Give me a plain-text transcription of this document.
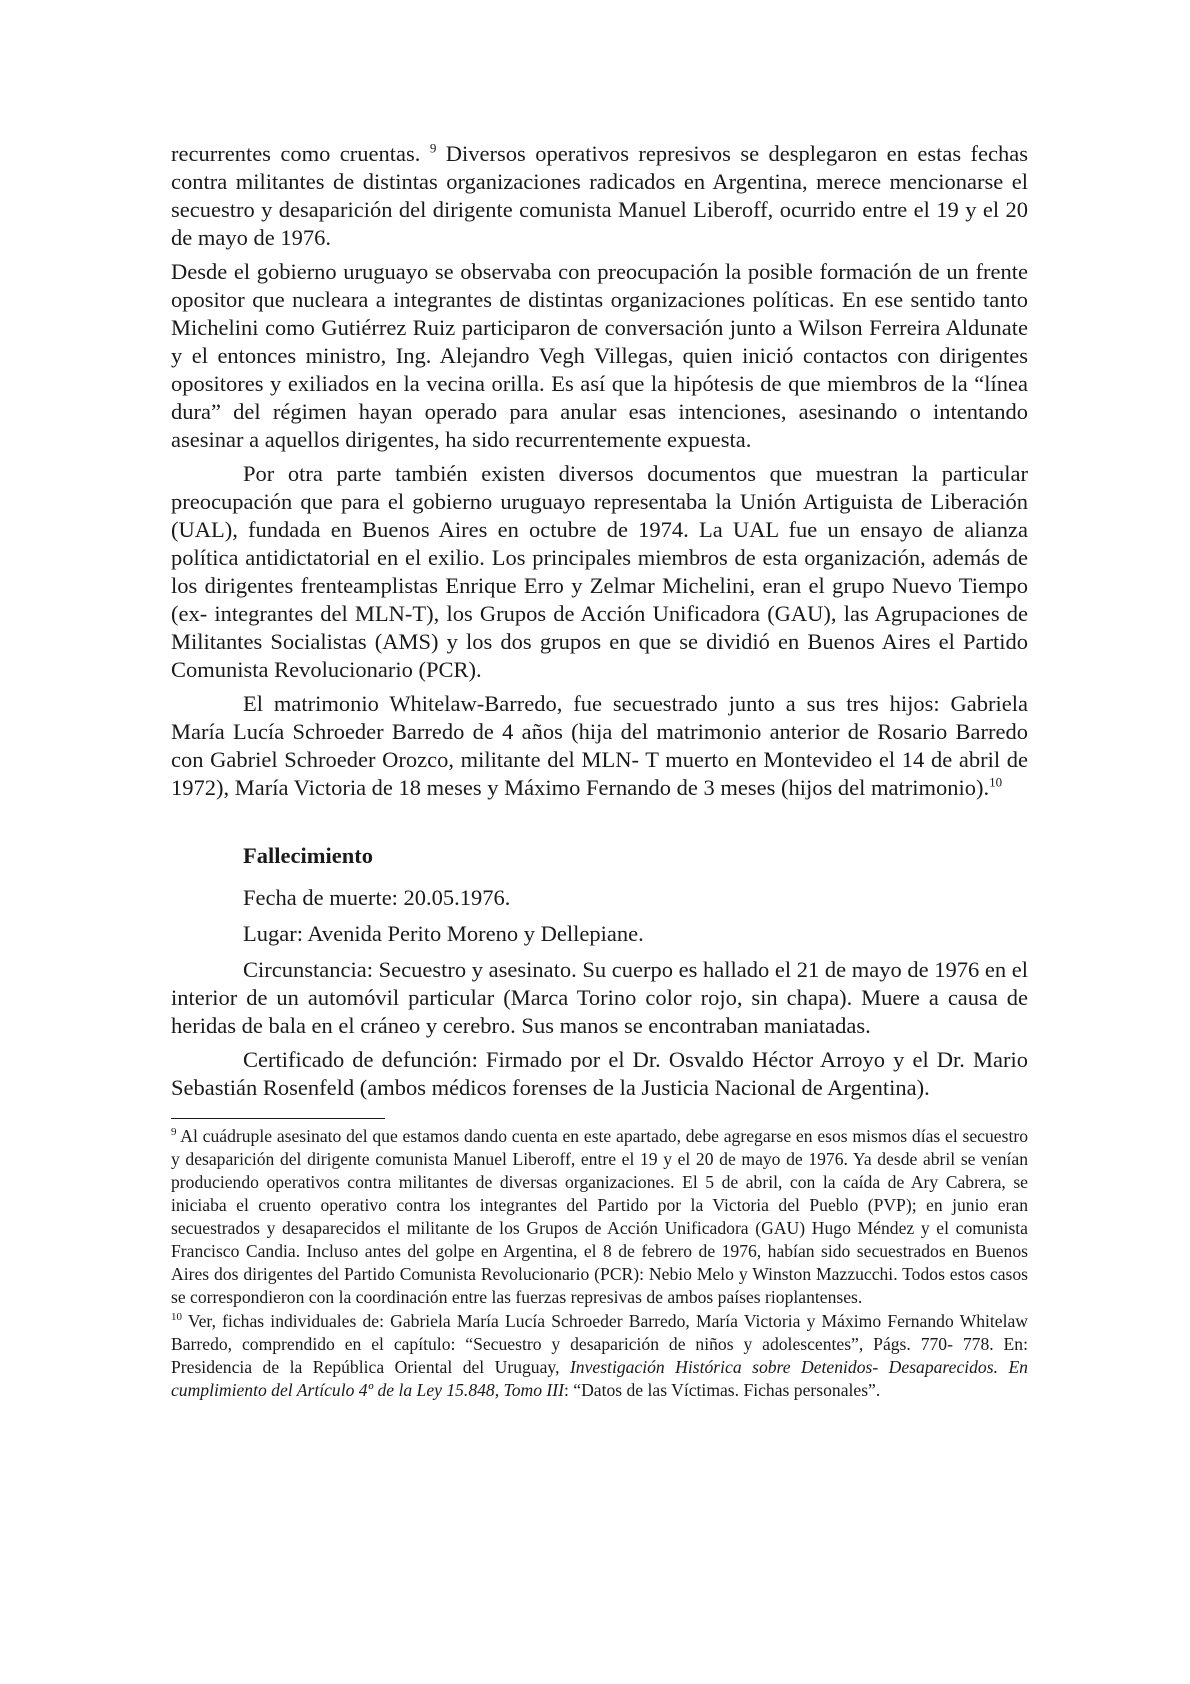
recurrentes como cruentas. $^9$ Diversos operativos represivos se desplegaron en estas fechas contra militantes de distintas organizaciones radicados en Argentina, merece mencionarse el secuestro y desaparición del dirigente comunista Manuel Liberoff, ocurrido entre el 19 y el 20 de mayo de 1976.

Desde el gobierno uruguayo se observaba con preocupación la posible formación de un frente opositor que nucleara a integrantes de distintas organizaciones políticas. En ese sentido tanto Michelini como Gutiérrez Ruiz participaron de conversación junto a Wilson Ferreira Aldunate y el entonces ministro, Ing. Alejandro Vegh Villegas, quien inició contactos con dirigentes opositores y exiliados en la vecina orilla. Es así que la hipótesis de que miembros de la “línea dura” del régimen hayan operado para anular esas intenciones, asesinando o intentando asesinar a aquellos dirigentes, ha sido recurrentemente expuesta.

Por otra parte también existen diversos documentos que muestran la particular preocupación que para el gobierno uruguayo representaba la Unión Artiguista de Liberación (UAL), fundada en Buenos Aires en octubre de 1974. La UAL fue un ensayo de alianza política antidictatorial en el exilio. Los principales miembros de esta organización, además de los dirigentes frenteamplistas Enrique Erro y Zelmar Michelini, eran el grupo Nuevo Tiempo (ex- integrantes del MLN-T), los Grupos de Acción Unificadora (GAU), las Agrupaciones de Militantes Socialistas (AMS) y los dos grupos en que se dividió en Buenos Aires el Partido Comunista Revolucionario (PCR).

El matrimonio Whitelaw-Barredo, fue secuestrado junto a sus tres hijos: Gabriela María Lucía Schroeder Barredo de 4 años (hija del matrimonio anterior de Rosario Barredo con Gabriel Schroeder Orozco, militante del MLN- T muerto en Montevideo el 14 de abril de 1972), María Victoria de 18 meses y Máximo Fernando de 3 meses (hijos del matrimonio).$^{10}$

Fallecimiento

Fecha de muerte: 20.05.1976.

Lugar: Avenida Perito Moreno y Dellepiane.

Circunstancia: Secuestro y asesinato. Su cuerpo es hallado el 21 de mayo de 1976 en el interior de un automóvil particular (Marca Torino color rojo, sin chapa). Muere a causa de heridas de bala en el cráneo y cerebro. Sus manos se encontraban maniatadas.

Certificado de defunción: Firmado por el Dr. Osvaldo Héctor Arroyo y el Dr. Mario Sebastián Rosenfeld (ambos médicos forenses de la Justicia Nacional de Argentina).

$^9$ Al cuádruple asesinato del que estamos dando cuenta en este apartado, debe agregarse en esos mismos días el secuestro y desaparición del dirigente comunista Manuel Liberoff, entre el 19 y el 20 de mayo de 1976. Ya desde abril se venían produciendo operativos contra militantes de diversas organizaciones. El 5 de abril, con la caída de Ary Cabrera, se iniciaba el cruento operativo contra los integrantes del Partido por la Victoria del Pueblo (PVP); en junio eran secuestrados y desaparecidos el militante de los Grupos de Acción Unificadora (GAU) Hugo Méndez y el comunista Francisco Candia. Incluso antes del golpe en Argentina, el 8 de febrero de 1976, habían sido secuestrados en Buenos Aires dos dirigentes del Partido Comunista Revolucionario (PCR): Nebio Melo y Winston Mazzucchi. Todos estos casos se correspondieron con la coordinación entre las fuerzas represivas de ambos países rioplantenses.

$^{10}$ Ver, fichas individuales de: Gabriela María Lucía Schroeder Barredo, María Victoria y Máximo Fernando Whitelaw Barredo, comprendido en el capítulo: “Secuestro y desaparición de niños y adolescentes”, Págs. 770- 778. En: Presidencia de la República Oriental del Uruguay, Investigación Histórica sobre Detenidos- Desaparecidos. En cumplimiento del Artículo 4º de la Ley 15.848, Tomo III: “Datos de las Víctimas. Fichas personales”.
